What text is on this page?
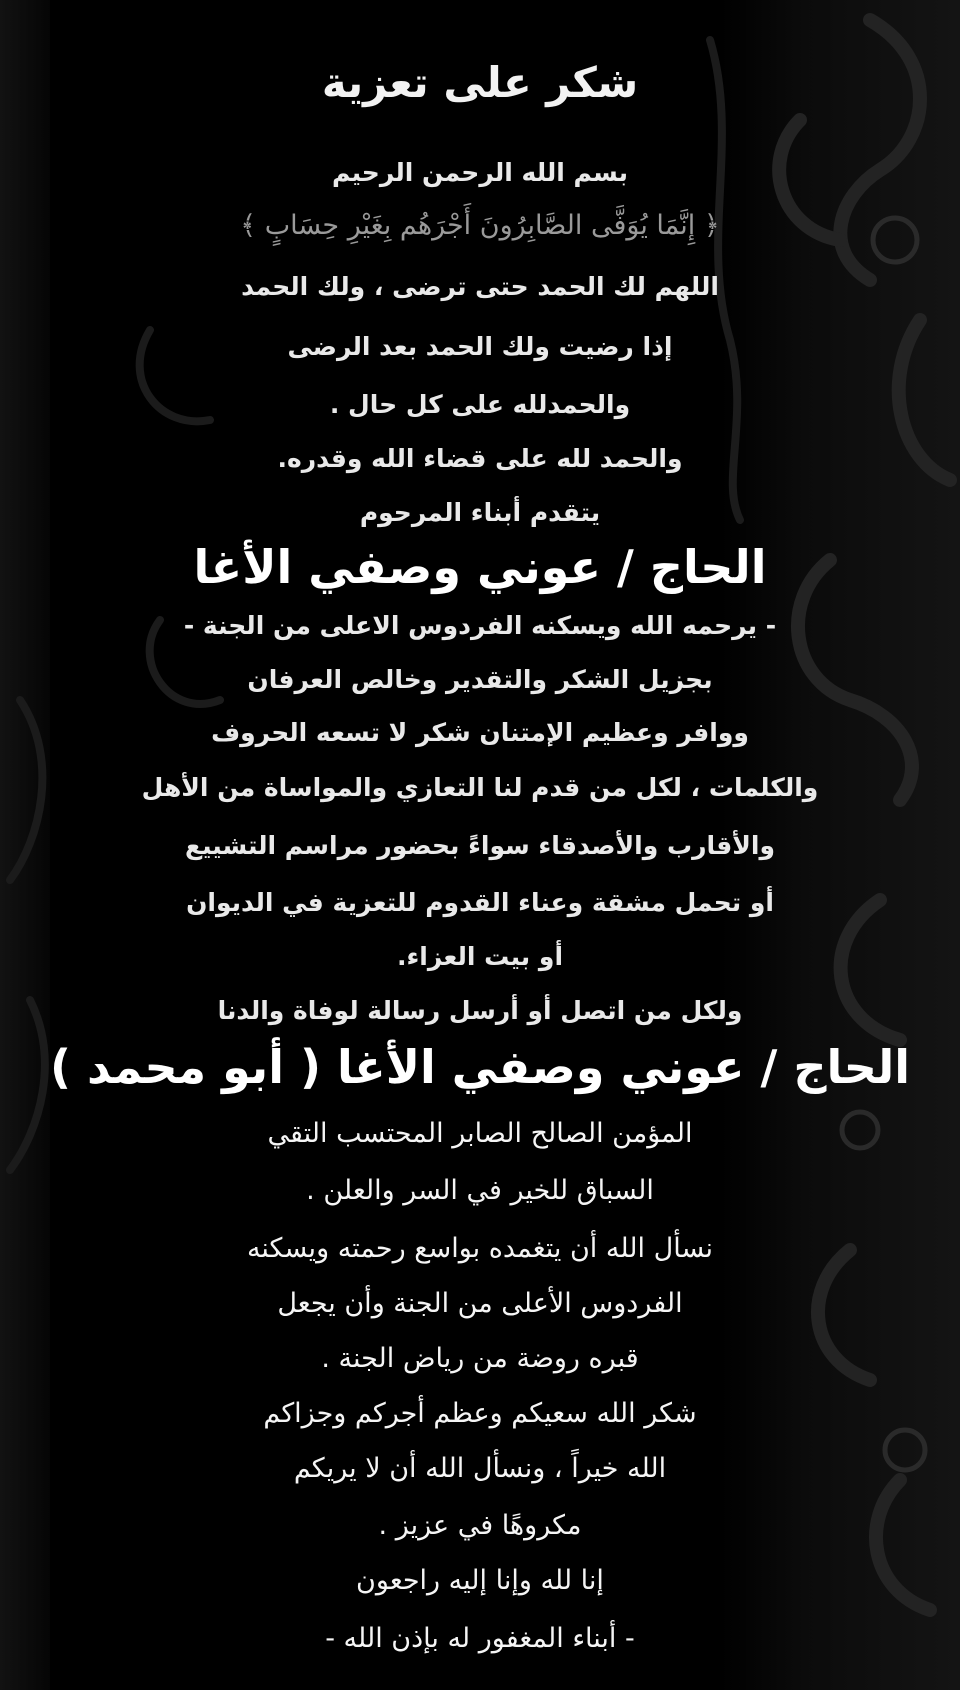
شكر على تعزية
بسم الله الرحمن الرحيم
﴿ إِنَّمَا يُوَفَّى الصَّابِرُونَ أَجْرَهُم بِغَيْرِ حِسَابٍ ﴾
اللهم لك الحمد حتى ترضى ، ولك الحمد
إذا رضيت ولك الحمد بعد الرضى
والحمدلله على كل حال .
والحمد لله على قضاء الله وقدره.
يتقدم أبناء المرحوم
الحاج / عوني وصفي الأغا
- يرحمه الله ويسكنه الفردوس الاعلى من الجنة -
بجزيل الشكر والتقدير وخالص العرفان
ووافر وعظيم الإمتنان شكر لا تسعه الحروف
والكلمات ، لكل من قدم لنا التعازي والمواساة من الأهل
والأقارب والأصدقاء سواءً بحضور مراسم التشييع
أو تحمل مشقة وعناء القدوم للتعزية في الديوان
أو بيت العزاء.
ولكل من اتصل أو أرسل رسالة لوفاة والدنا
الحاج / عوني وصفي الأغا ( أبو محمد )
المؤمن الصالح الصابر المحتسب التقي
السباق للخير في السر والعلن .
نسأل الله أن يتغمده بواسع رحمته ويسكنه
الفردوس الأعلى من الجنة وأن يجعل
قبره روضة من رياض الجنة .
شكر الله سعيكم وعظم أجركم وجزاكم
الله خيراً ، ونسأل الله أن لا يريكم
مكروهًا في عزيز .
إنا لله وإنا إليه راجعون
- أبناء المغفور له بإذن الله -
